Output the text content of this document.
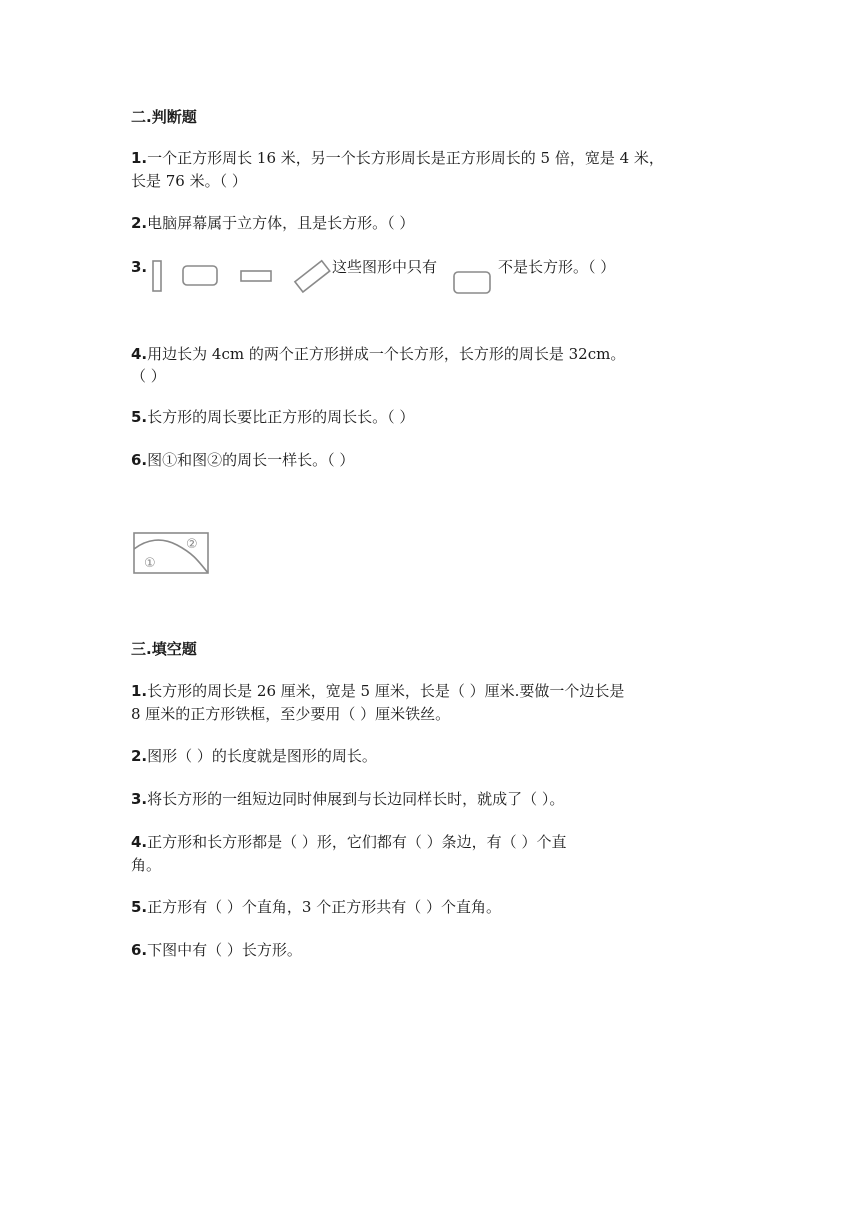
二.判断题
1.一个正方形周长 16 米，另一个长方形周长是正方形周长的 5 倍，宽是 4 米，
长是 76 米。（ ）
2.电脑屏幕属于立方体，且是长方形。（ ）
3.	这些图形中只有	不是长方形。（ ）
4.用边长为 4cm 的两个正方形拼成一个长方形，长方形的周长是 32cm。
（ ）
5.长方形的周长要比正方形的周长长。（ ）
6.图①和图②的周长一样长。（ ）
①
②
三.填空题
1.长方形的周长是 26 厘米，宽是 5 厘米，长是（ ）厘米.要做一个边长是
8 厘米的正方形铁框，至少要用（ ）厘米铁丝。
2.图形（ ）的长度就是图形的周长。
3.将长方形的一组短边同时伸展到与长边同样长时，就成了（ ）。
4.正方形和长方形都是（ ）形，它们都有（ ）条边，有（ ）个直
角。
5.正方形有（ ）个直角，3 个正方形共有（ ）个直角。
6.下图中有（ ）长方形。
